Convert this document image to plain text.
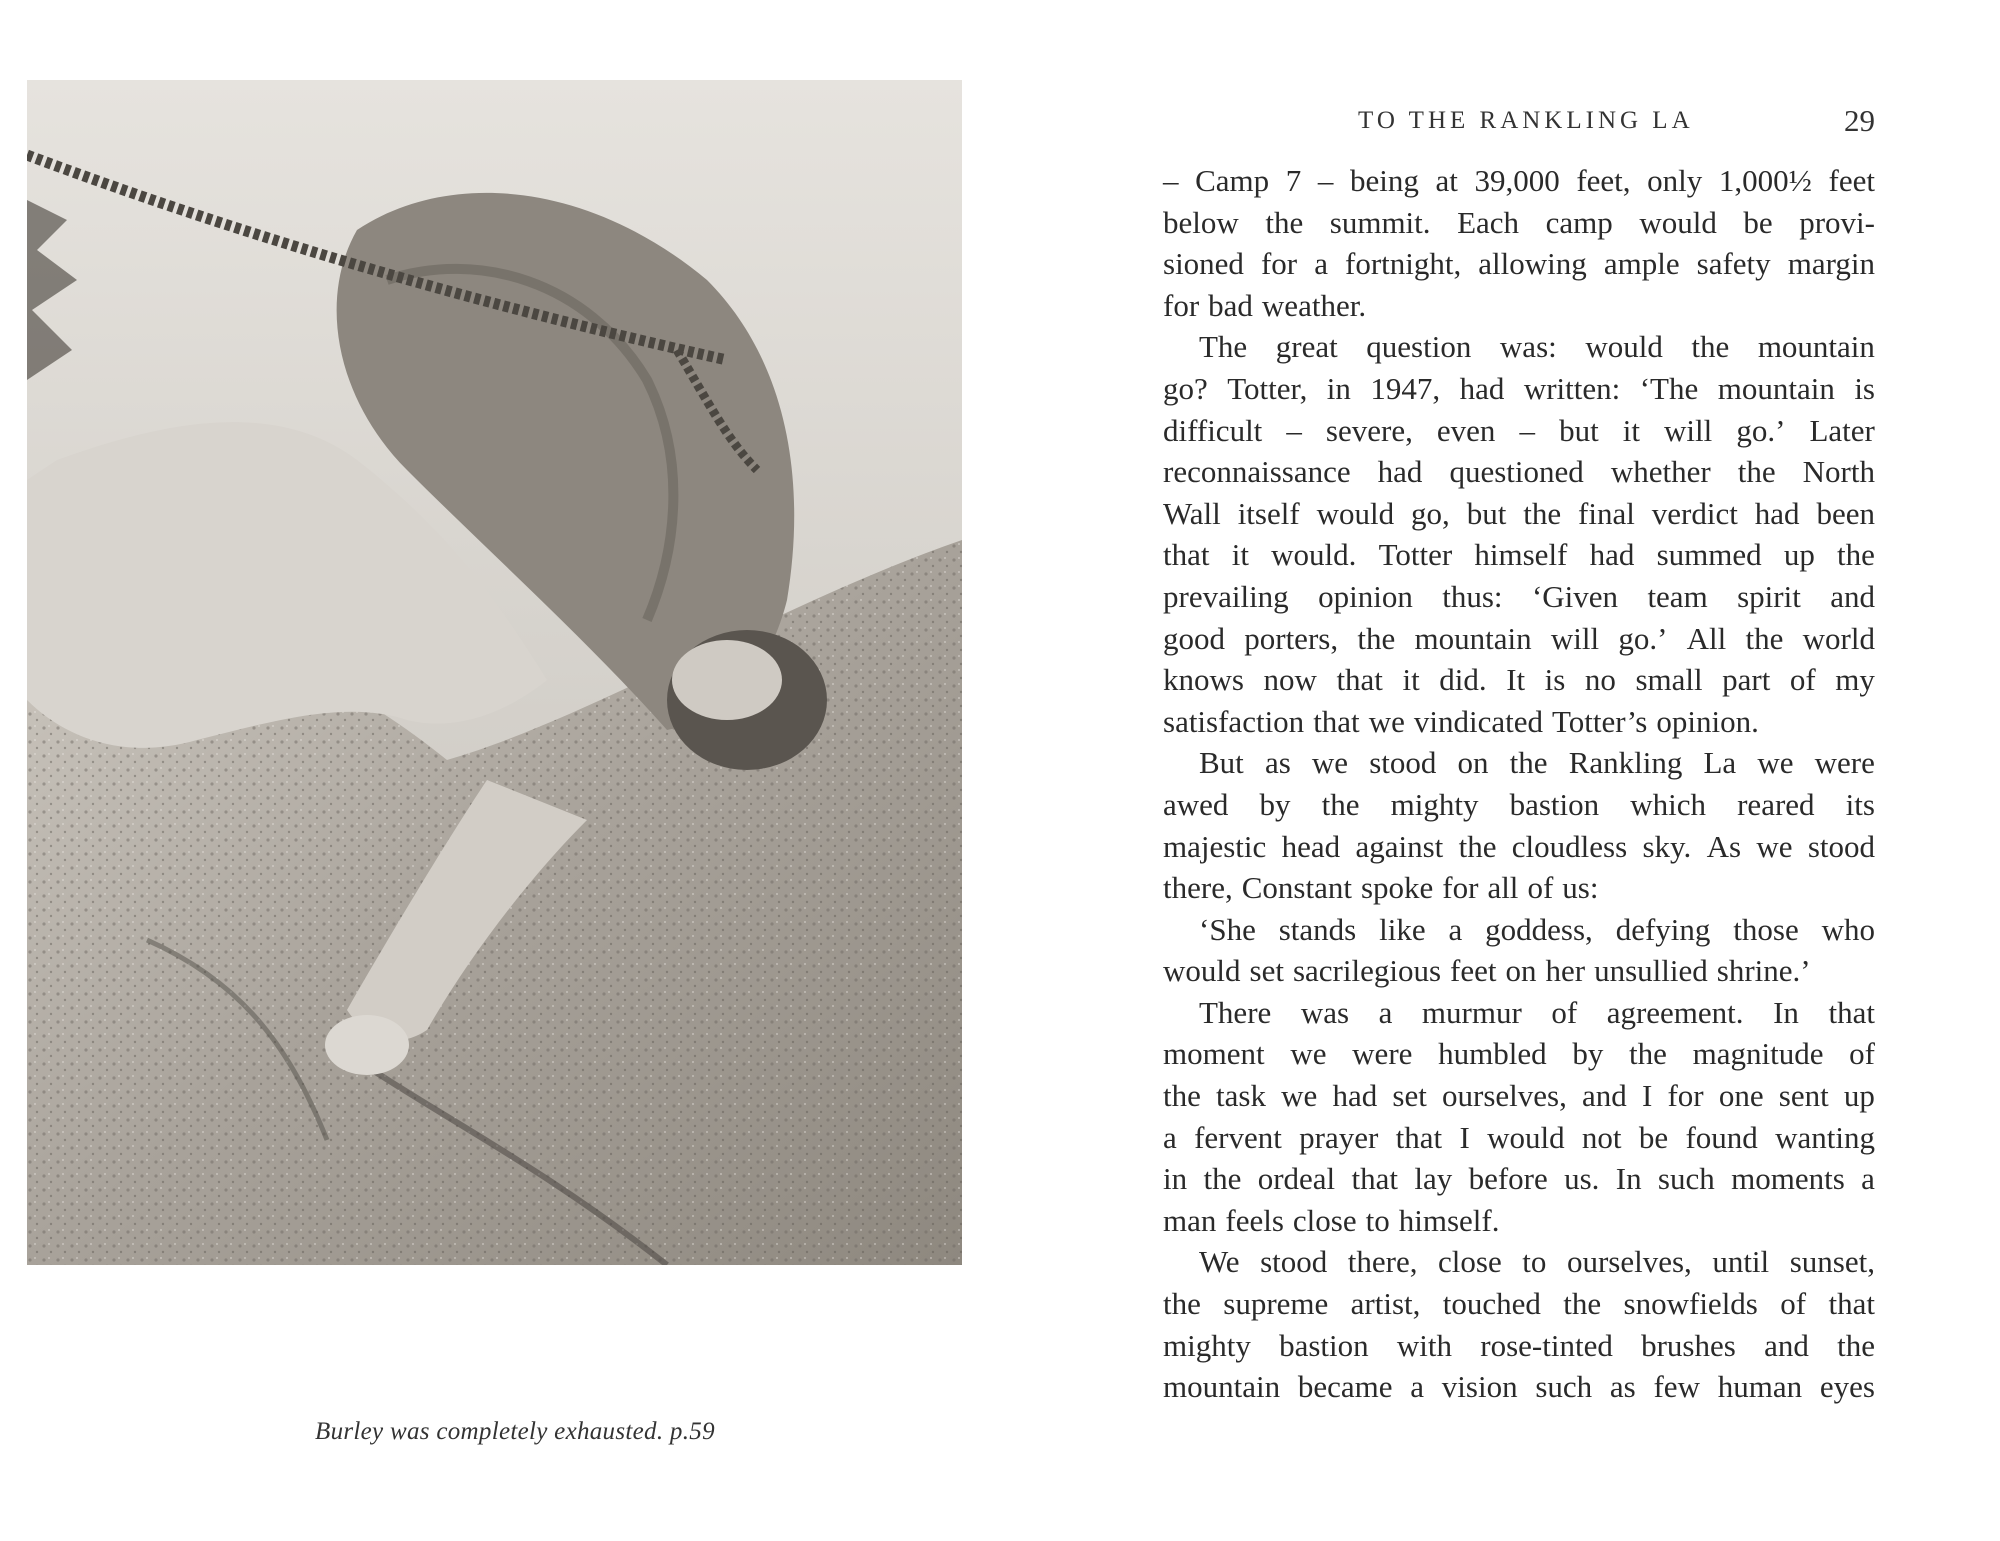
Burley was completely exhausted. p.59
TO THE RANKLING LA	29
– Camp 7 – being at 39,000 feet, only 1,000½ feet
below the summit. Each camp would be provi-
sioned for a fortnight, allowing ample safety margin
for bad weather.
The great question was: would the mountain
go? Totter, in 1947, had written: ‘The mountain is
difficult – severe, even – but it will go.’ Later
reconnaissance had questioned whether the North
Wall itself would go, but the final verdict had been
that it would. Totter himself had summed up the
prevailing opinion thus: ‘Given team spirit and
good porters, the mountain will go.’ All the world
knows now that it did. It is no small part of my
satisfaction that we vindicated Totter’s opinion.
But as we stood on the Rankling La we were
awed by the mighty bastion which reared its
majestic head against the cloudless sky. As we stood
there, Constant spoke for all of us:
‘She stands like a goddess, defying those who
would set sacrilegious feet on her unsullied shrine.’
There was a murmur of agreement. In that
moment we were humbled by the magnitude of
the task we had set ourselves, and I for one sent up
a fervent prayer that I would not be found wanting
in the ordeal that lay before us. In such moments a
man feels close to himself.
We stood there, close to ourselves, until sunset,
the supreme artist, touched the snowfields of that
mighty bastion with rose-tinted brushes and the
mountain became a vision such as few human eyes
